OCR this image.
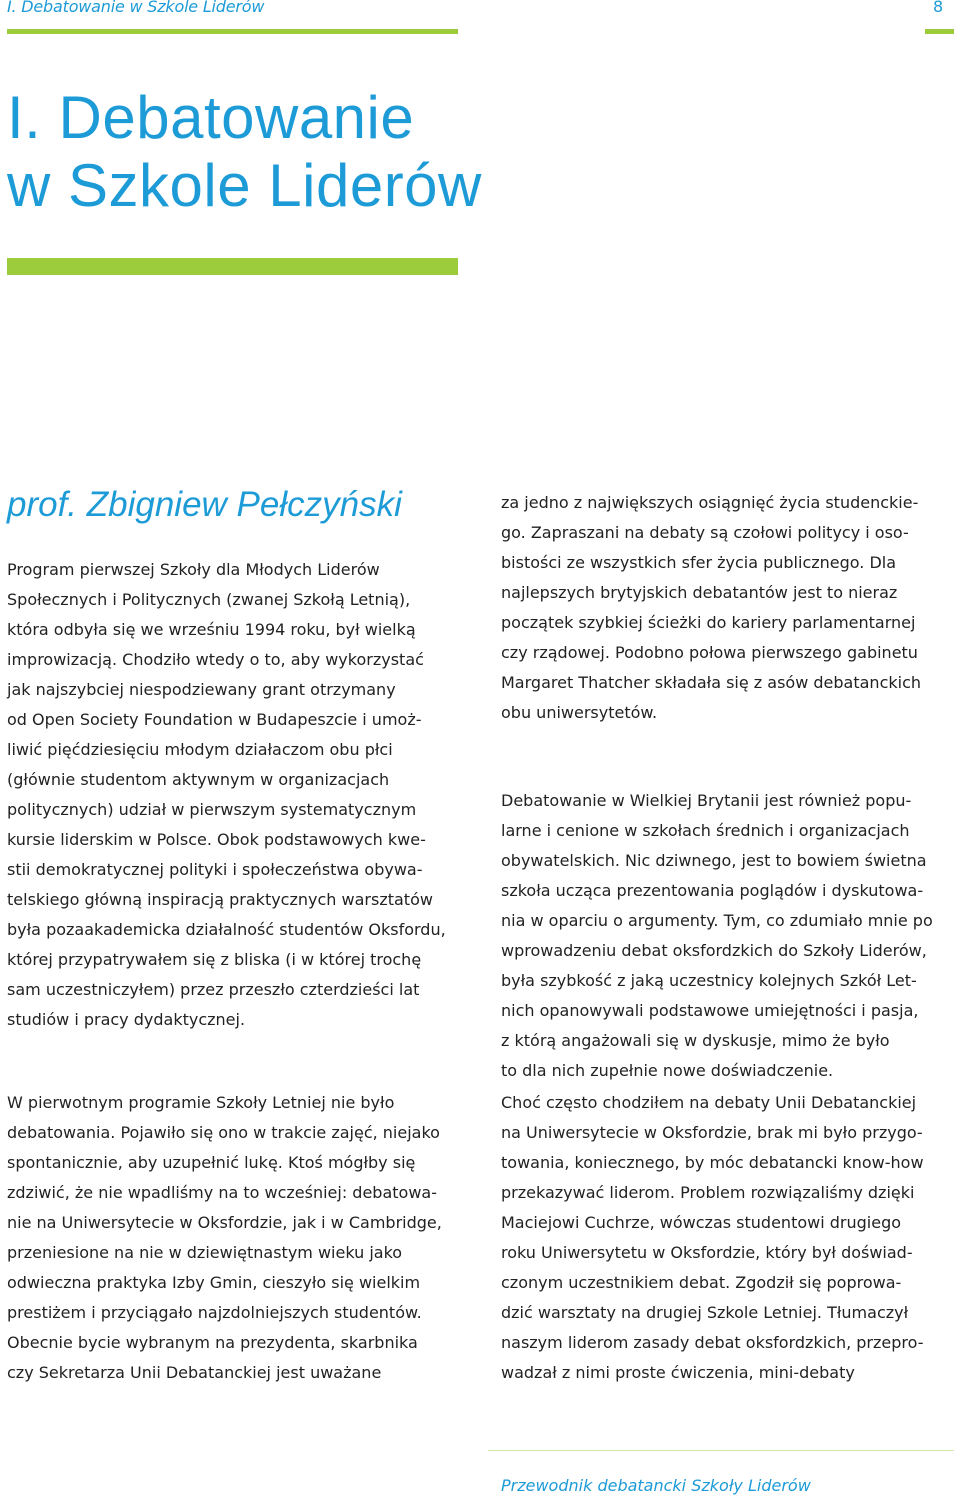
I. Debatowanie w Szkole Liderów	8
I. Debatowanie
w Szkole Liderów
prof. Zbigniew Pełczyński

Program pierwszej Szkoły dla Młodych Liderów
Społecznych i Politycznych (zwanej Szkołą Letnią),
która odbyła się we wrześniu 1994 roku, był wielką
improwizacją. Chodziło wtedy o to, aby wykorzystać
jak najszybciej niespodziewany grant otrzymany
od Open Society Foundation w Budapeszcie i umoż-
liwić pięćdziesięciu młodym działaczom obu płci
(głównie studentom aktywnym w organizacjach
politycznych) udział w pierwszym systematycznym
kursie liderskim w Polsce. Obok podstawowych kwe-
stii demokratycznej polityki i społeczeństwa obywa-
telskiego główną inspiracją praktycznych warsztatów
była pozaakademicka działalność studentów Oksfordu,
której przypatrywałem się z bliska (i w której trochę
sam uczestniczyłem) przez przeszło czterdzieści lat
studiów i pracy dydaktycznej.

W pierwotnym programie Szkoły Letniej nie było
debatowania. Pojawiło się ono w trakcie zajęć, niejako
spontanicznie, aby uzupełnić lukę. Ktoś mógłby się
zdziwić, że nie wpadliśmy na to wcześniej: debatowa-
nie na Uniwersytecie w Oksfordzie, jak i w Cambridge,
przeniesione na nie w dziewiętnastym wieku jako
odwieczna praktyka Izby Gmin, cieszyło się wielkim
prestiżem i przyciągało najzdolniejszych studentów.
Obecnie bycie wybranym na prezydenta, skarbnika
czy Sekretarza Unii Debatanckiej jest uważane

za jedno z największych osiągnięć życia studenckie-
go. Zapraszani na debaty są czołowi politycy i oso-
bistości ze wszystkich sfer życia publicznego. Dla
najlepszych brytyjskich debatantów jest to nieraz
początek szybkiej ścieżki do kariery parlamentarnej
czy rządowej. Podobno połowa pierwszego gabinetu
Margaret Thatcher składała się z asów debatanckich
obu uniwersytetów.

Debatowanie w Wielkiej Brytanii jest również popu-
larne i cenione w szkołach średnich i organizacjach
obywatelskich. Nic dziwnego, jest to bowiem świetna
szkoła ucząca prezentowania poglądów i dyskutowa-
nia w oparciu o argumenty. Tym, co zdumiało mnie po
wprowadzeniu debat oksfordzkich do Szkoły Liderów,
była szybkość z jaką uczestnicy kolejnych Szkół Let-
nich opanowywali podstawowe umiejętności i pasja,
z którą angażowali się w dyskusje, mimo że było
to dla nich zupełnie nowe doświadczenie.

Choć często chodziłem na debaty Unii Debatanckiej
na Uniwersytecie w Oksfordzie, brak mi było przygo-
towania, koniecznego, by móc debatancki know-how
przekazywać liderom. Problem rozwiązaliśmy dzięki
Maciejowi Cuchrze, wówczas studentowi drugiego
roku Uniwersytetu w Oksfordzie, który był doświad-
czonym uczestnikiem debat. Zgodził się poprowa-
dzić warsztaty na drugiej Szkole Letniej. Tłumaczył
naszym liderom zasady debat oksfordzkich, przepro-
wadzał z nimi proste ćwiczenia, mini-debaty

Przewodnik debatancki Szkoły Liderów
